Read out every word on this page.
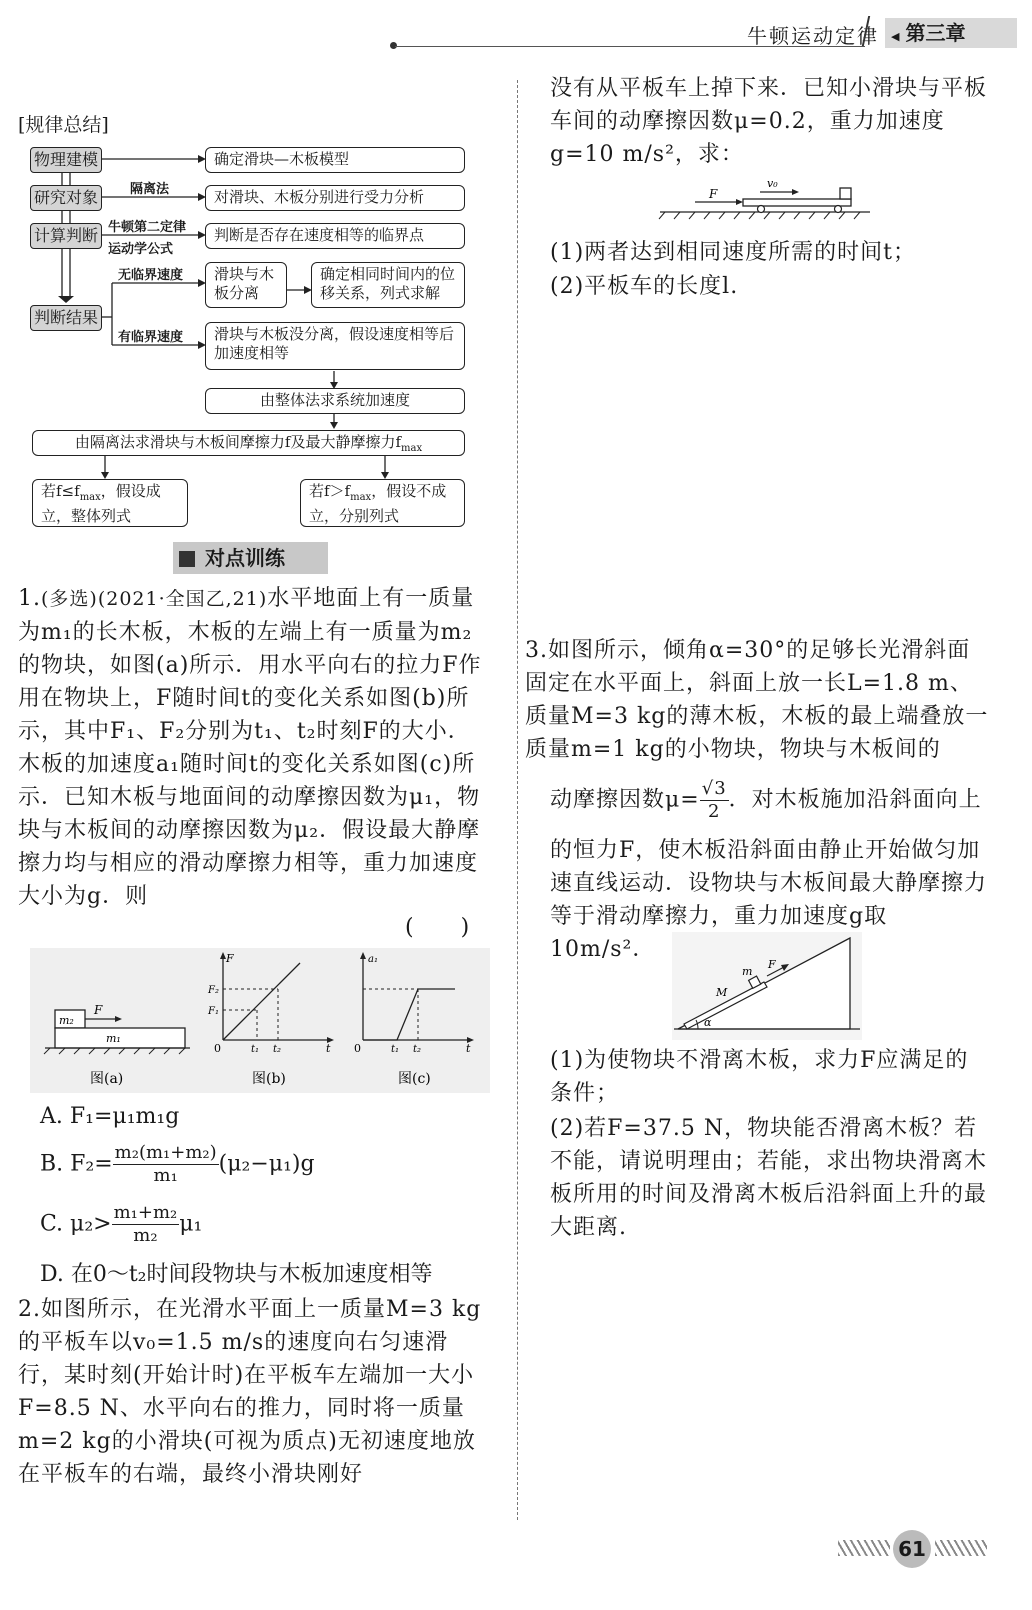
牛顿运动定律	◀ 第三章
[规律总结]
物理建模
研究对象
计算判断
判断结果
隔离法
牛顿第二定律
运动学公式
无临界速度
有临界速度
确定滑块—木板模型
对滑块、木板分别进行受力分析
判断是否存在速度相等的临界点
滑块与木板分离
确定相同时间内的位移关系，列式求解
滑块与木板没分离，假设速度相等后加速度相等
由整体法求系统加速度
由隔离法求滑块与木板间摩擦力f及最大静摩擦力$f_{max}$
若$f\le f_{max}$，假设成立，整体列式
若$f>f_{max}$，假设不成立，分别列式
对点训练
1.(多选)(2021·全国乙,21)水平地面上有一质量为m₁的长木板，木板的左端上有一质量为m₂的物块，如图(a)所示．用水平向右的拉力F作用在物块上，F随时间t的变化关系如图(b)所示，其中F₁、F₂分别为t₁、t₂时刻F的大小．木板的加速度a₁随时间t的变化关系如图(c)所示．已知木板与地面间的动摩擦因数为μ₁，物块与木板间的动摩擦因数为μ₂．假设最大静摩擦力均与相应的滑动摩擦力相等，重力加速度大小为g．则
(　　)
m₂
F
m₁
F
F₂
F₁
0	t₁ t₂	t
a₁
0	t₁ t₂	t
图(a)	图(b)	图(c)
A. F₁=μ₁m₁g
B. $F_2= \frac{\text{m₂(m₁+m₂)}}{\text{m₁}} (\mu_2-\mu_1)g$
C. $\mu_2> \frac{\text{m₁+m₂}}{\text{m₂}} \mu_1$
D. 在0～t₂时间段物块与木板加速度相等
2.如图所示，在光滑水平面上一质量M=3 kg的平板车以v₀=1.5 m/s的速度向右匀速滑行，某时刻(开始计时)在平板车左端加一大小F=8.5 N、水平向右的推力，同时将一质量m=2 kg的小滑块(可视为质点)无初速度地放在平板车的右端，最终小滑块刚好
没有从平板车上掉下来．已知小滑块与平板车间的动摩擦因数μ=0.2，重力加速度g=10 m/s²，求：
F
v₀
(1)两者达到相同速度所需的时间t；
(2)平板车的长度l.
3.如图所示，倾角α=30°的足够长光滑斜面固定在水平面上，斜面上放一长L=1.8 m、质量M=3 kg的薄木板，木板的最上端叠放一质量m=1 kg的小物块，物块与木板间的
动摩擦因数$\mu= \frac{√3}{2}$ ．对木板施加沿斜面向上
的恒力F，使木板沿斜面由静止开始做匀加速直线运动．设物块与木板间最大静摩擦力等于滑动摩擦力，重力加速度g取10m/s²．
m
M
F
α
(1)为使物块不滑离木板，求力F应满足的条件；
(2)若F=37.5 N，物块能否滑离木板？若不能，请说明理由；若能，求出物块滑离木板所用的时间及滑离木板后沿斜面上升的最大距离.
61
